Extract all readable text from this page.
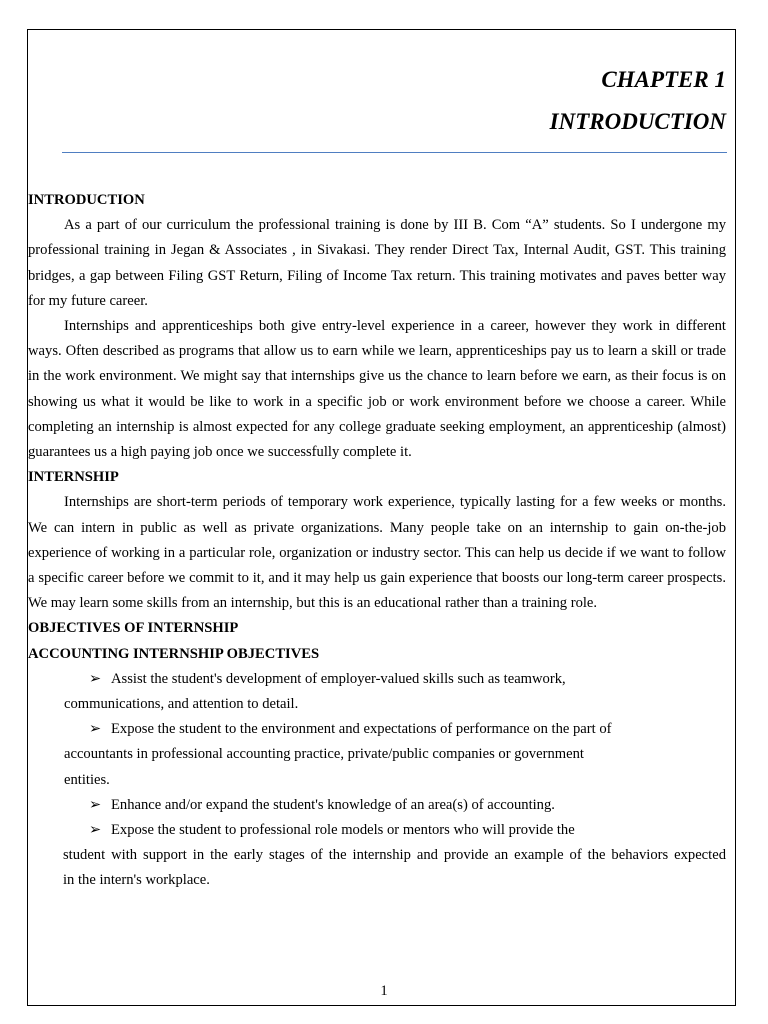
CHAPTER 1
INTRODUCTION

INTRODUCTION

As a part of our curriculum the professional training is done by III B. Com “A” students. So I undergone my professional training in Jegan & Associates , in Sivakasi. They render Direct Tax, Internal Audit, GST. This training bridges, a gap between Filing GST Return, Filing of Income Tax return. This training motivates and paves better way for my future career.

Internships and apprenticeships both give entry-level experience in a career, however they work in different ways. Often described as programs that allow us to earn while we learn, apprenticeships pay us to learn a skill or trade in the work environment. We might say that internships give us the chance to learn before we earn, as their focus is on showing us what it would be like to work in a specific job or work environment before we choose a career. While completing an internship is almost expected for any college graduate seeking employment, an apprenticeship (almost) guarantees us a high paying job once we successfully complete it.

INTERNSHIP

Internships are short-term periods of temporary work experience, typically lasting for a few weeks or months. We can intern in public as well as private organizations. Many people take on an internship to gain on-the-job experience of working in a particular role, organization or industry sector. This can help us decide if we want to follow a specific career before we commit to it, and it may help us gain experience that boosts our long-term career prospects. We may learn some skills from an internship, but this is an educational rather than a training role.

OBJECTIVES OF INTERNSHIP

ACCOUNTING INTERNSHIP OBJECTIVES

➢ Assist the student's development of employer-valued skills such as teamwork,

communications, and attention to detail.

➢ Expose the student to the environment and expectations of performance on the part of

accountants in professional accounting practice, private/public companies or government

entities.

➢ Enhance and/or expand the student's knowledge of an area(s) of accounting.

➢ Expose the student to professional role models or mentors who will provide the

student with support in the early stages of the internship and provide an example of the behaviors expected

in the intern's workplace.

1
